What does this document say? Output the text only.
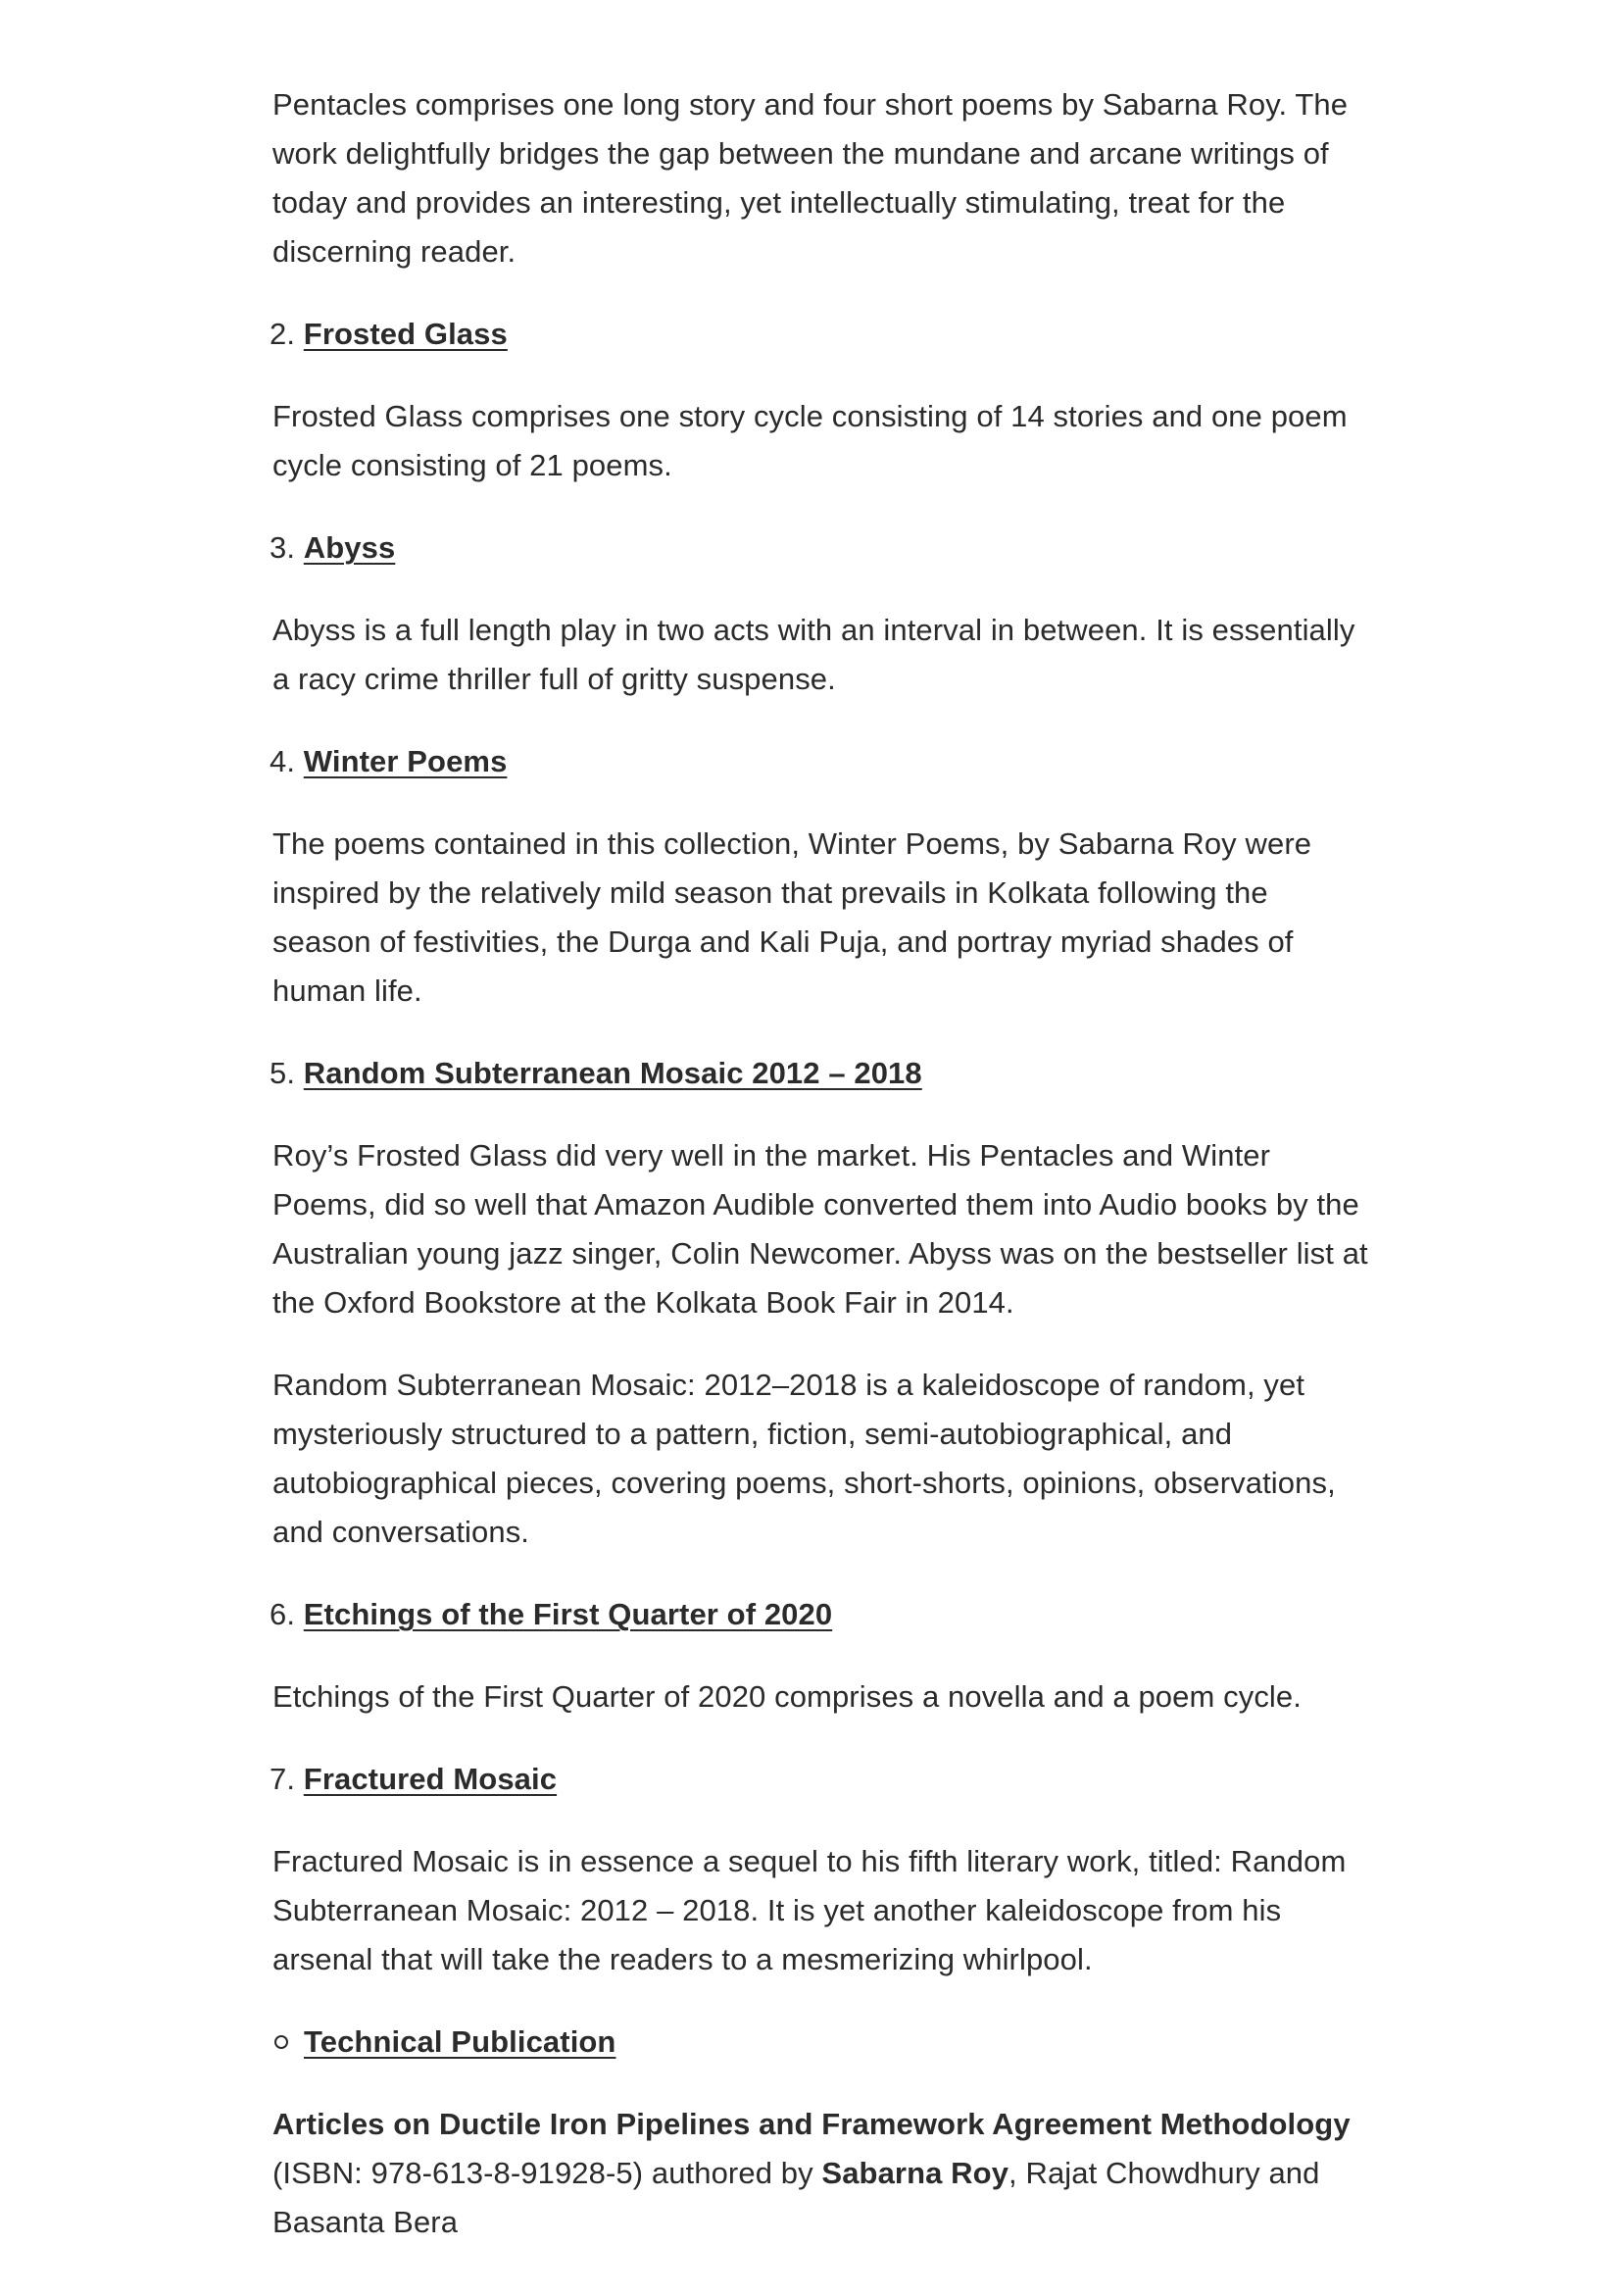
Pentacles comprises one long story and four short poems by Sabarna Roy. The work delightfully bridges the gap between the mundane and arcane writings of today and provides an interesting, yet intellectually stimulating, treat for the discerning reader.

2. Frosted Glass

Frosted Glass comprises one story cycle consisting of 14 stories and one poem cycle consisting of 21 poems.

3. Abyss

Abyss is a full length play in two acts with an interval in between. It is essentially a racy crime thriller full of gritty suspense.

4. Winter Poems

The poems contained in this collection, Winter Poems, by Sabarna Roy were inspired by the relatively mild season that prevails in Kolkata following the season of festivities, the Durga and Kali Puja, and portray myriad shades of human life.

5. Random Subterranean Mosaic 2012 – 2018

Roy’s Frosted Glass did very well in the market. His Pentacles and Winter Poems, did so well that Amazon Audible converted them into Audio books by the Australian young jazz singer, Colin Newcomer. Abyss was on the bestseller list at the Oxford Bookstore at the Kolkata Book Fair in 2014.

Random Subterranean Mosaic: 2012–2018 is a kaleidoscope of random, yet mysteriously structured to a pattern, fiction, semi-autobiographical, and autobiographical pieces, covering poems, short-shorts, opinions, observations, and conversations.

6. Etchings of the First Quarter of 2020

Etchings of the First Quarter of 2020 comprises a novella and a poem cycle.

7. Fractured Mosaic

Fractured Mosaic is in essence a sequel to his fifth literary work, titled: Random Subterranean Mosaic: 2012 – 2018. It is yet another kaleidoscope from his arsenal that will take the readers to a mesmerizing whirlpool.

Technical Publication

Articles on Ductile Iron Pipelines and Framework Agreement Methodology (ISBN: 978-613-8-91928-5) authored by Sabarna Roy, Rajat Chowdhury and Basanta Bera
